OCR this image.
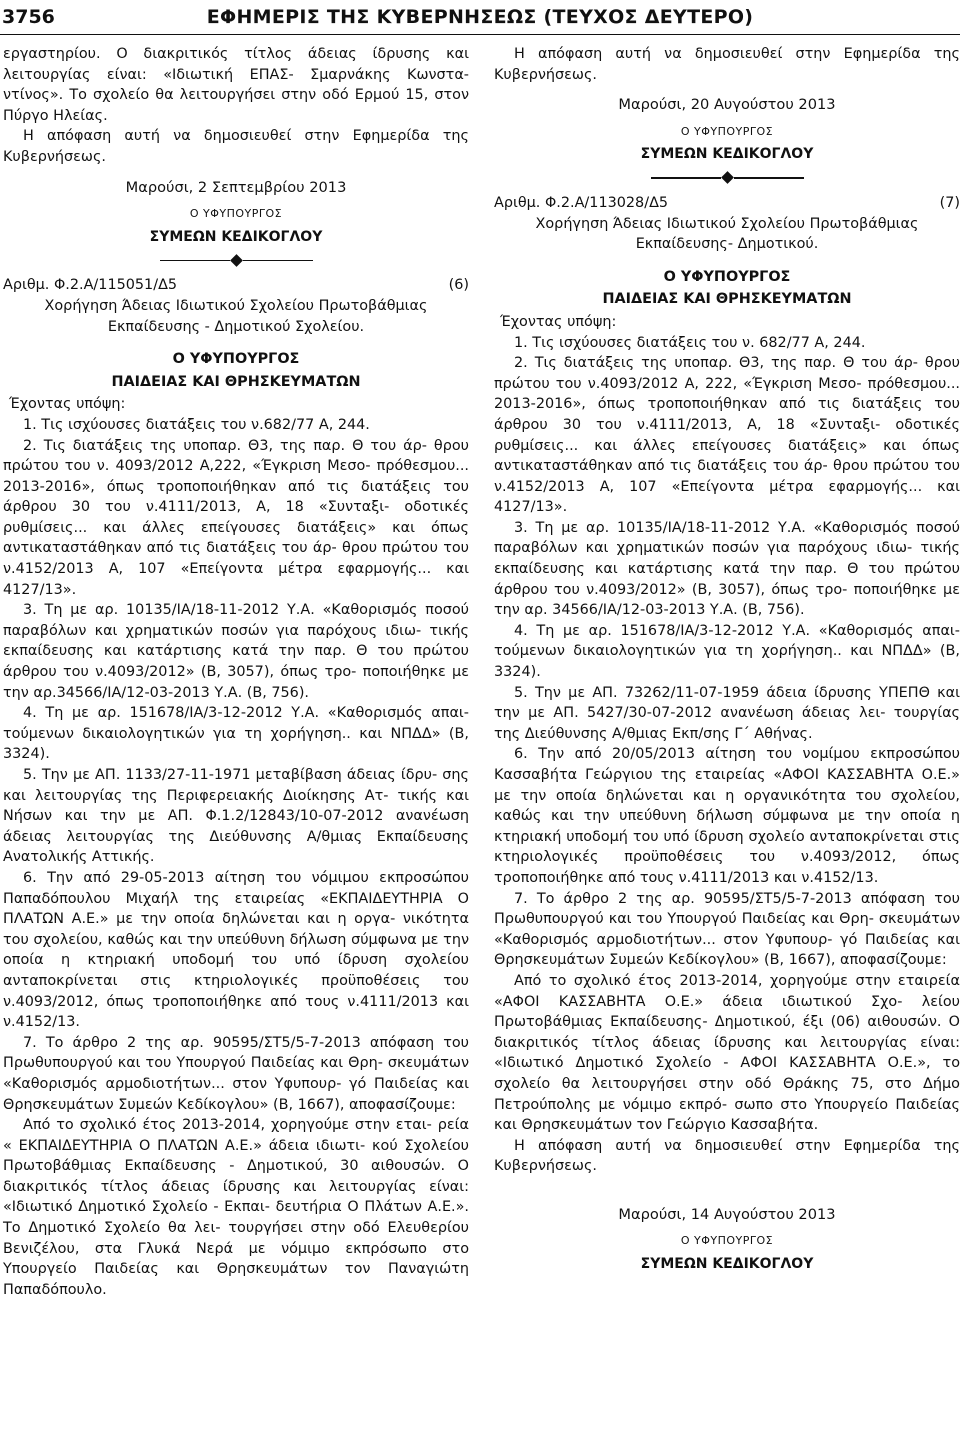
3756	ΕΦΗΜΕΡΙΣ ΤΗΣ ΚΥΒΕΡΝΗΣΕΩΣ (ΤΕΥΧΟΣ ΔΕΥΤΕΡΟ)

εργαστηρίου. Ο διακριτικός τίτλος άδειας ίδρυσης και λειτουργίας είναι: «Ιδιωτική ΕΠΑΣ- Σμαρνάκης Κωνστα- ντίνος». Το σχολείο θα λειτουργήσει στην οδό Ερμού 15, στον Πύργο Ηλείας.

Η απόφαση αυτή να δημοσιευθεί στην Εφημερίδα της Κυβερνήσεως.

Μαρούσι, 2 Σεπτεμβρίου 2013

Ο ΥΦΥΠΟΥΡΓΟΣ

ΣΥΜΕΩΝ ΚΕΔΙΚΟΓΛΟΥ

Αριθμ. Φ.2.Α/115051/Δ5	(6)

Χορήγηση Άδειας Ιδιωτικού Σχολείου Πρωτοβάθμιας Εκπαίδευσης - Δημοτικού Σχολείου.

Ο ΥΦΥΠΟΥΡΓΟΣ

ΠΑΙΔΕΙΑΣ ΚΑΙ ΘΡΗΣΚΕΥΜΑΤΩΝ

Έχοντας υπόψη:

1. Τις ισχύουσες διατάξεις του ν.682/77 Α, 244.

2. Τις διατάξεις της υποπαρ. Θ3, της παρ. Θ του άρ- θρου πρώτου του ν. 4093/2012 Α,222, «Έγκριση Μεσο- πρόθεσμου... 2013-2016», όπως τροποποιήθηκαν από τις διατάξεις του άρθρου 30 του ν.4111/2013, Α, 18 «Συνταξι- οδοτικές ρυθμίσεις... και άλλες επείγουσες διατάξεις» και όπως αντικαταστάθηκαν από τις διατάξεις του άρ- θρου πρώτου του ν.4152/2013 Α, 107 «Επείγοντα μέτρα εφαρμογής... και 4127/13».

3. Τη με αρ. 10135/ΙΑ/18-11-2012 Υ.Α. «Καθορισμός ποσού παραβόλων και χρηματικών ποσών για παρόχους ιδιω- τικής εκπαίδευσης και κατάρτισης κατά την παρ. Θ του πρώτου άρθρου του ν.4093/2012» (Β, 3057), όπως τρο- ποποιήθηκε με την αρ.34566/ΙΑ/12-03-2013 Υ.Α. (Β, 756).

4. Τη με αρ. 151678/ΙΑ/3-12-2012 Υ.Α. «Καθορισμός απαι- τούμενων δικαιολογητικών για τη χορήγηση.. και ΝΠΔΔ» (Β, 3324).

5. Την με ΑΠ. 1133/27-11-1971 μεταβίβαση άδειας ίδρυ- σης και λειτουργίας της Περιφερειακής Διοίκησης Ατ- τικής και Νήσων και την με ΑΠ. Φ.1.2/12843/10-07-2012 ανανέωση άδειας λειτουργίας της Διεύθυνσης Α/θμιας Εκπαίδευσης Ανατολικής Αττικής.

6. Την από 29-05-2013 αίτηση του νόμιμου εκπροσώπου Παπαδόπουλου Μιχαήλ της εταιρείας «ΕΚΠΑΙΔΕΥΤΗΡΙΑ Ο ΠΛΑΤΩΝ Α.Ε.» με την οποία δηλώνεται και η οργα- νικότητα του σχολείου, καθώς και την υπεύθυνη δήλωση σύμφωνα με την οποία η κτηριακή υποδομή του υπό ίδρυση σχολείου ανταποκρίνεται στις κτηριολογικές προϋποθέσεις του ν.4093/2012, όπως τροποποιήθηκε από τους ν.4111/2013 και ν.4152/13.

7. Το άρθρο 2 της αρ. 90595/ΣΤ5/5-7-2013 απόφαση του Πρωθυπουργού και του Υπουργού Παιδείας και Θρη- σκευμάτων «Καθορισμός αρμοδιοτήτων... στον Υφυπουρ- γό Παιδείας και Θρησκευμάτων Συμεών Κεδίκογλου» (Β, 1667), αποφασίζουμε:

Από το σχολικό έτος 2013-2014, χορηγούμε στην εται- ρεία « ΕΚΠΑΙΔΕΥΤΗΡΙΑ Ο ΠΛΑΤΩΝ Α.Ε.» άδεια ιδιωτι- κού Σχολείου Πρωτοβάθμιας Εκπαίδευσης - Δημοτικού, 30 αιθουσών. Ο διακριτικός τίτλος άδειας ίδρυσης και λειτουργίας είναι: «Ιδιωτικό Δημοτικό Σχολείο - Εκπαι- δευτήρια Ο Πλάτων Α.Ε.». Το Δημοτικό Σχολείο θα λει- τουργήσει στην οδό Ελευθερίου Βενιζέλου, στα Γλυκά Νερά με νόμιμο εκπρόσωπο στο Υπουργείο Παιδείας και Θρησκευμάτων τον Παναγιώτη Παπαδόπουλο.

Η απόφαση αυτή να δημοσιευθεί στην Εφημερίδα της Κυβερνήσεως.

Μαρούσι, 20 Αυγούστου 2013

Ο ΥΦΥΠΟΥΡΓΟΣ

ΣΥΜΕΩΝ ΚΕΔΙΚΟΓΛΟΥ

Αριθμ. Φ.2.Α/113028/Δ5	(7)

Χορήγηση Άδειας Ιδιωτικού Σχολείου Πρωτοβάθμιας Εκπαίδευσης- Δημοτικού.

Ο ΥΦΥΠΟΥΡΓΟΣ

ΠΑΙΔΕΙΑΣ ΚΑΙ ΘΡΗΣΚΕΥΜΑΤΩΝ

Έχοντας υπόψη:

1. Τις ισχύουσες διατάξεις του ν. 682/77 Α, 244.

2. Τις διατάξεις της υποπαρ. Θ3, της παρ. Θ του άρ- θρου πρώτου του ν.4093/2012 Α, 222, «Έγκριση Μεσο- πρόθεσμου... 2013-2016», όπως τροποποιήθηκαν από τις διατάξεις του άρθρου 30 του ν.4111/2013, Α, 18 «Συνταξι- οδοτικές ρυθμίσεις... και άλλες επείγουσες διατάξεις» και όπως αντικαταστάθηκαν από τις διατάξεις του άρ- θρου πρώτου του ν.4152/2013 Α, 107 «Επείγοντα μέτρα εφαρμογής... και 4127/13».

3. Τη με αρ. 10135/ΙΑ/18-11-2012 Υ.Α. «Καθορισμός ποσού παραβόλων και χρηματικών ποσών για παρόχους ιδιω- τικής εκπαίδευσης και κατάρτισης κατά την παρ. Θ του πρώτου άρθρου του ν.4093/2012» (Β, 3057), όπως τρο- ποποιήθηκε με την αρ. 34566/ΙΑ/12-03-2013 Υ.Α. (Β, 756).

4. Τη με αρ. 151678/ΙΑ/3-12-2012 Υ.Α. «Καθορισμός απαι- τούμενων δικαιολογητικών για τη χορήγηση.. και ΝΠΔΔ» (Β, 3324).

5. Την με ΑΠ. 73262/11-07-1959 άδεια ίδρυσης ΥΠΕΠΘ και την με ΑΠ. 5427/30-07-2012 ανανέωση άδειας λει- τουργίας της Διεύθυνσης Α/θμιας Εκπ/σης Γ΄ Αθήνας.

6. Την από 20/05/2013 αίτηση του νομίμου εκπροσώπου Κασσαβήτα Γεώργιου της εταιρείας «ΑΦΟΙ ΚΑΣΣΑΒΗΤΑ Ο.Ε.» με την οποία δηλώνεται και η οργανικότητα του σχολείου, καθώς και την υπεύθυνη δήλωση σύμφωνα με την οποία η κτηριακή υποδομή του υπό ίδρυση σχολείο ανταποκρίνεται στις κτηριολογικές προϋποθέσεις του ν.4093/2012, όπως τροποποιήθηκε από τους ν.4111/2013 και ν.4152/13.

7. Το άρθρο 2 της αρ. 90595/ΣΤ5/5-7-2013 απόφαση του Πρωθυπουργού και του Υπουργού Παιδείας και Θρη- σκευμάτων «Καθορισμός αρμοδιοτήτων... στον Υφυπουρ- γό Παιδείας και Θρησκευμάτων Συμεών Κεδίκογλου» (Β, 1667), αποφασίζουμε:

Από το σχολικό έτος 2013-2014, χορηγούμε στην εταιρεία «ΑΦΟΙ ΚΑΣΣΑΒΗΤΑ Ο.Ε.» άδεια ιδιωτικού Σχο- λείου Πρωτοβάθμιας Εκπαίδευσης- Δημοτικού, έξι (06) αιθουσών. Ο διακριτικός τίτλος άδειας ίδρυσης και λειτουργίας είναι: «Ιδιωτικό Δημοτικό Σχολείο - ΑΦΟΙ ΚΑΣΣΑΒΗΤΑ Ο.Ε.», το σχολείο θα λειτουργήσει στην οδό Θράκης 75, στο Δήμο Πετρούπολης με νόμιμο εκπρό- σωπο στο Υπουργείο Παιδείας και Θρησκευμάτων τον Γεώργιο Κασσαβήτα.

Η απόφαση αυτή να δημοσιευθεί στην Εφημερίδα της Κυβερνήσεως.

Μαρούσι, 14 Αυγούστου 2013

Ο ΥΦΥΠΟΥΡΓΟΣ

ΣΥΜΕΩΝ ΚΕΔΙΚΟΓΛΟΥ
